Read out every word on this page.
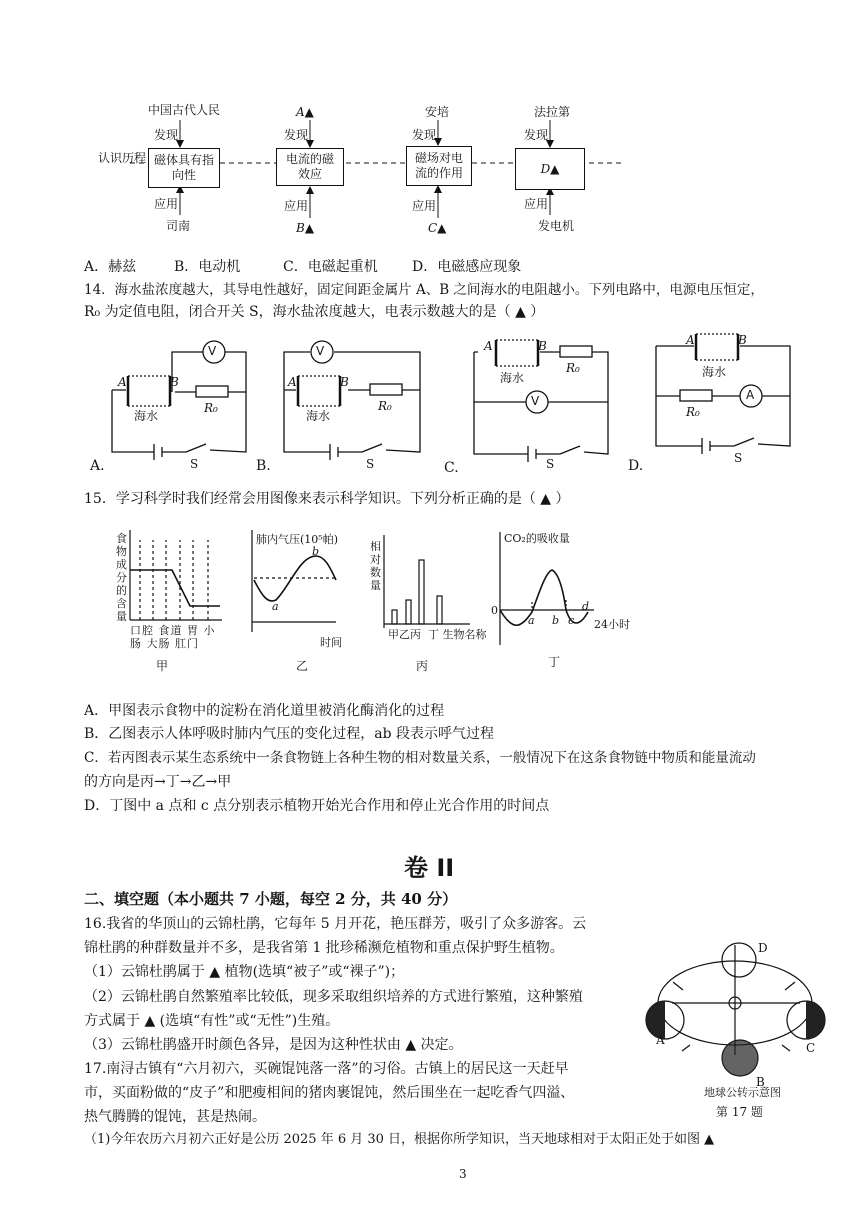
认识历程
中国古代人民	A▲	安培	法拉第
发现	发现	发现	发现
磁体具有指向性
电流的磁效应
磁场对电流的作用	D▲
应用	应用	应用	应用
司南	B▲	C▲	发电机
A．赫兹	B．电动机	C．电磁起重机 D．电磁感应现象
14．海水盐浓度越大，其导电性越好，固定间距金属片 A、B 之间海水的电阻越小。下列电路中，电源电压恒定，
R₀ 为定值电阻，闭合开关 S，海水盐浓度越大，电表示数越大的是（ ▲ ）
V	V
V	A
A	B	A	B
A	B	A	B
海水	海水
海水	海水
R₀	R₀
R₀
R₀
S	S	S	S
A.	B.	C.	D.
15．学习科学时我们经常会用图像来表示科学知识。下列分析正确的是（ ▲ ）
食物成分的含量
口腔 食道 胃 小肠 大肠 肛门
甲
肺内气压(10⁵帕)
a
b
时间
乙
相对数量
甲乙丙 丁 生物名称
丙
CO₂的吸收量
0
a b c
d
24小时
丁
A．甲图表示食物中的淀粉在消化道里被消化酶消化的过程
B．乙图表示人体呼吸时肺内气压的变化过程，ab 段表示呼气过程
C．若丙图表示某生态系统中一条食物链上各种生物的相对数量关系，一般情况下在这条食物链中物质和能量流动
的方向是丙→丁→乙→甲
D．丁图中 a 点和 c 点分别表示植物开始光合作用和停止光合作用的时间点
卷 II
二、填空题（本小题共 7 小题，每空 2 分，共 40 分）
16.我省的华顶山的云锦杜鹃，它每年 5 月开花，艳压群芳，吸引了众多游客。云
锦杜鹃的种群数量并不多，是我省第 1 批珍稀濒危植物和重点保护野生植物。
（1）云锦杜鹃属于 ▲ 植物(选填“被子”或“裸子”)；
（2）云锦杜鹃自然繁殖率比较低，现多采取组织培养的方式进行繁殖，这种繁殖
方式属于 ▲ (选填“有性”或“无性”)生殖。
（3）云锦杜鹃盛开时颜色各异，是因为这种性状由 ▲ 决定。
17.南浔古镇有“六月初六，买碗馄饨落一落”的习俗。古镇上的居民这一天赶早
市，买面粉做的“皮子”和肥瘦相间的猪肉裹馄饨，然后围坐在一起吃香气四溢、
热气腾腾的馄饨，甚是热闹。
（1)今年农历六月初六正好是公历 2025 年 6 月 30 日，根据你所学知识，当天地球相对于太阳正处于如图 ▲
A
B
C
D
地球公转示意图
第 17 题
3
